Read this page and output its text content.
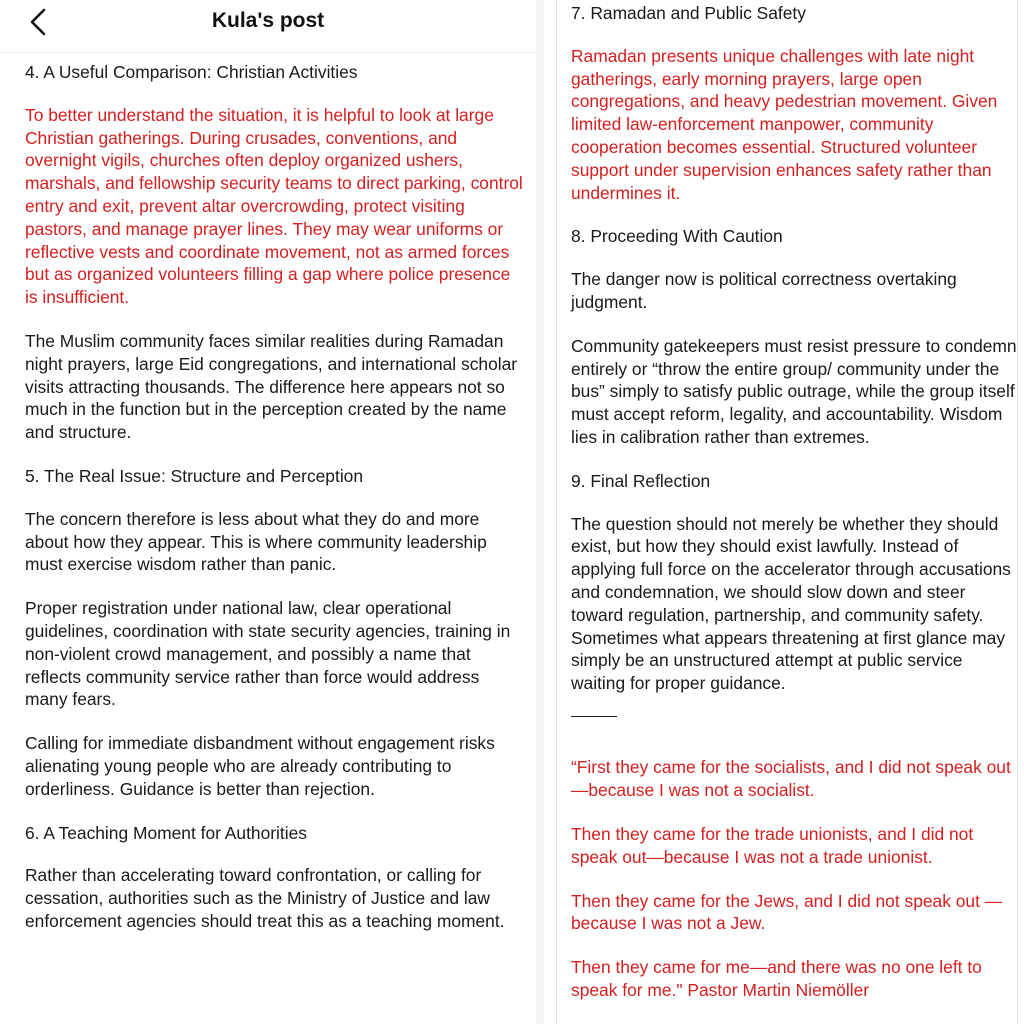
Kula's post

4. A Useful Comparison: Christian Activities

To better understand the situation, it is helpful to look at large Christian gatherings. During crusades, conventions, and overnight vigils, churches often deploy organized ushers, marshals, and fellowship security teams to direct parking, control entry and exit, prevent altar overcrowding, protect visiting pastors, and manage prayer lines. They may wear uniforms or reflective vests and coordinate movement, not as armed forces but as organized volunteers filling a gap where police presence is insufficient.

The Muslim community faces similar realities during Ramadan night prayers, large Eid congregations, and international scholar visits attracting thousands. The difference here appears not so much in the function but in the perception created by the name and structure.

5. The Real Issue: Structure and Perception

The concern therefore is less about what they do and more about how they appear. This is where community leadership must exercise wisdom rather than panic.

Proper registration under national law, clear operational guidelines, coordination with state security agencies, training in non-violent crowd management, and possibly a name that reflects community service rather than force would address many fears.

Calling for immediate disbandment without engagement risks alienating young people who are already contributing to orderliness. Guidance is better than rejection.

6. A Teaching Moment for Authorities

Rather than accelerating toward confrontation, or calling for cessation, authorities such as the Ministry of Justice and law enforcement agencies should treat this as a teaching moment.

7. Ramadan and Public Safety

Ramadan presents unique challenges with late night gatherings, early morning prayers, large open congregations, and heavy pedestrian movement. Given limited law-enforcement manpower, community cooperation becomes essential. Structured volunteer support under supervision enhances safety rather than undermines it.

8. Proceeding With Caution

The danger now is political correctness overtaking judgment.

Community gatekeepers must resist pressure to condemn entirely or “throw the entire group/ community under the bus” simply to satisfy public outrage, while the group itself must accept reform, legality, and accountability. Wisdom lies in calibration rather than extremes.

9. Final Reflection

The question should not merely be whether they should exist, but how they should exist lawfully. Instead of applying full force on the accelerator through accusations and condemnation, we should slow down and steer toward regulation, partnership, and community safety. Sometimes what appears threatening at first glance may simply be an unstructured attempt at public service waiting for proper guidance.

“First they came for the socialists, and I did not speak out—because I was not a socialist.

Then they came for the trade unionists, and I did not speak out—because I was not a trade unionist.

Then they came for the Jews, and I did not speak out —because I was not a Jew.

Then they came for me—and there was no one left to speak for me." Pastor Martin Niemöller
